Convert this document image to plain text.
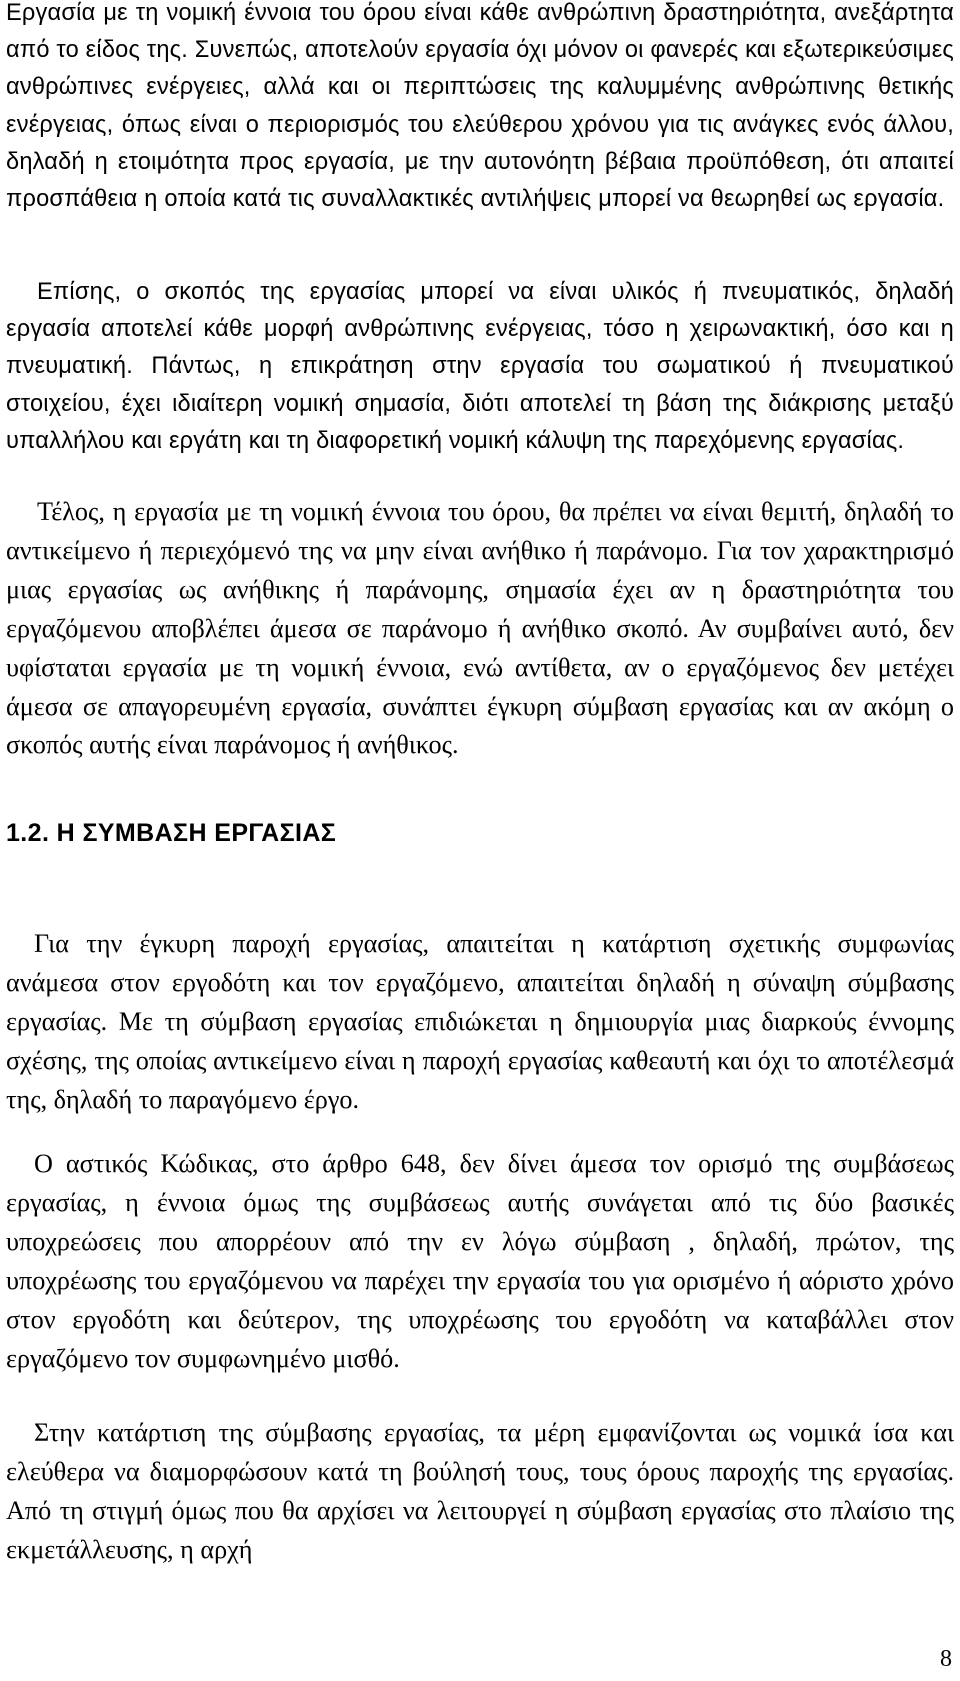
Εργασία με τη νομική έννοια του όρου είναι κάθε ανθρώπινη δραστηριότητα, ανεξάρτητα από το είδος της. Συνεπώς, αποτελούν εργασία όχι μόνον οι φανερές και εξωτερικεύσιμες ανθρώπινες ενέργειες, αλλά και οι περιπτώσεις της καλυμμένης ανθρώπινης θετικής ενέργειας, όπως είναι ο περιορισμός του ελεύθερου χρόνου για τις ανάγκες ενός άλλου, δηλαδή η ετοιμότητα προς εργασία, με την αυτονόητη βέβαια προϋπόθεση, ότι απαιτεί προσπάθεια η οποία κατά τις συναλλακτικές αντιλήψεις μπορεί να θεωρηθεί ως εργασία.

Επίσης, ο σκοπός της εργασίας μπορεί να είναι υλικός ή πνευματικός, δηλαδή εργασία αποτελεί κάθε μορφή ανθρώπινης ενέργειας, τόσο η χειρωνακτική, όσο και η πνευματική. Πάντως, η επικράτηση στην εργασία του σωματικού ή πνευματικού στοιχείου, έχει ιδιαίτερη νομική σημασία, διότι αποτελεί τη βάση της διάκρισης μεταξύ υπαλλήλου και εργάτη και τη διαφορετική νομική κάλυψη της παρεχόμενης εργασίας.

Τέλος, η εργασία με τη νομική έννοια του όρου, θα πρέπει να είναι θεμιτή, δηλαδή το αντικείμενο ή περιεχόμενό της να μην είναι ανήθικο ή παράνομο. Για τον χαρακτηρισμό μιας εργασίας ως ανήθικης ή παράνομης, σημασία έχει αν η δραστηριότητα του εργαζόμενου αποβλέπει άμεσα σε παράνομο ή ανήθικο σκοπό. Αν συμβαίνει αυτό, δεν υφίσταται εργασία με τη νομική έννοια, ενώ αντίθετα, αν ο εργαζόμενος δεν μετέχει άμεσα σε απαγορευμένη εργασία, συνάπτει έγκυρη σύμβαση εργασίας και αν ακόμη ο σκοπός αυτής είναι παράνομος ή ανήθικος.

1.2. Η ΣΥΜΒΑΣΗ ΕΡΓΑΣΙΑΣ

Για την έγκυρη παροχή εργασίας, απαιτείται η κατάρτιση σχετικής συμφωνίας ανάμεσα στον εργοδότη και τον εργαζόμενο, απαιτείται δηλαδή η σύναψη σύμβασης εργασίας. Με τη σύμβαση εργασίας επιδιώκεται η δημιουργία μιας διαρκούς έννομης σχέσης, της οποίας αντικείμενο είναι η παροχή εργασίας καθεαυτή και όχι το αποτέλεσμά της, δηλαδή το παραγόμενο έργο.

Ο αστικός Κώδικας, στο άρθρο 648, δεν δίνει άμεσα τον ορισμό της συμβάσεως εργασίας, η έννοια όμως της συμβάσεως αυτής συνάγεται από τις δύο βασικές υποχρεώσεις που απορρέουν από την εν λόγω σύμβαση , δηλαδή, πρώτον, της υποχρέωσης του εργαζόμενου να παρέχει την εργασία του για ορισμένο ή αόριστο χρόνο στον εργοδότη και δεύτερον, της υποχρέωσης του εργοδότη να καταβάλλει στον εργαζόμενο τον συμφωνημένο μισθό.

Στην κατάρτιση της σύμβασης εργασίας, τα μέρη εμφανίζονται ως νομικά ίσα και ελεύθερα να διαμορφώσουν κατά τη βούλησή τους, τους όρους παροχής της εργασίας. Από τη στιγμή όμως που θα αρχίσει να λειτουργεί η σύμβαση εργασίας στο πλαίσιο της εκμετάλλευσης, η αρχή

8
